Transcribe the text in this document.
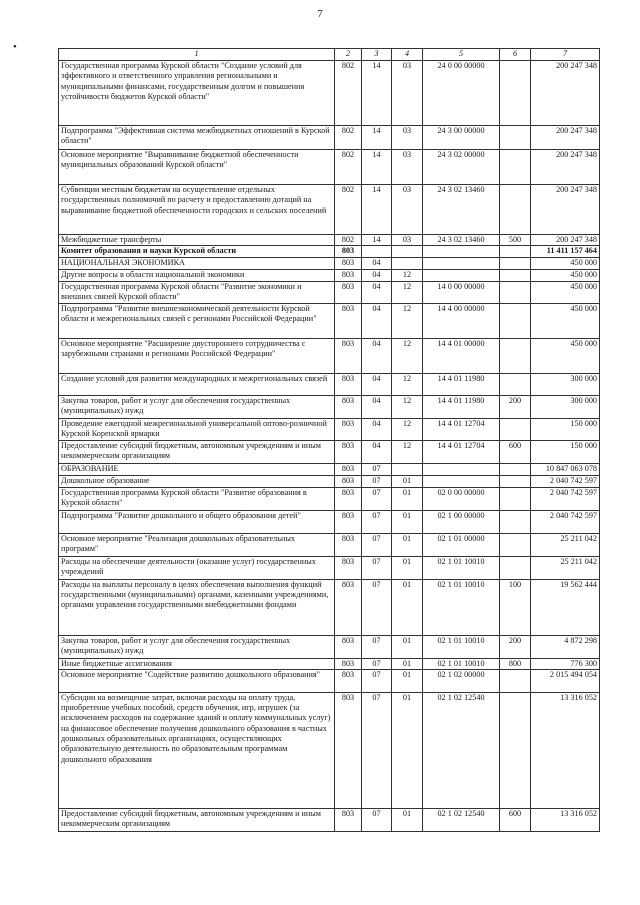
7
•
1	2	3	4	5	6	7
Государственная программа Курской области "Создание условий для эффективного и ответственного управления региональными и муниципальными финансами, государственным долгом и повышения устойчивости бюджетов Курской области"	802	14	03	24 0 00 00000		200 247 348
Подпрограмма "Эффективная система межбюджетных отношений в Курской области"	802	14	03	24 3 00 00000		200 247 348
Основное мероприятие "Выравнивание бюджетной обеспеченности муниципальных образований Курской области"	802	14	03	24 3 02 00000		200 247 348
Субвенции местным бюджетам на осуществление отдельных государственных полномочий по расчету и предоставлению дотаций на выравнивание бюджетной обеспеченности городских и сельских поселений	802	14	03	24 3 02 13460		200 247 348
Межбюджетные трансферты	802	14	03	24 3 02 13460	500	200 247 348
Комитет образования и науки Курской области	803					11 411 157 464
НАЦИОНАЛЬНАЯ ЭКОНОМИКА	803	04				450 000
Другие вопросы в области национальной экономики	803	04	12			450 000
Государственная программа Курской области "Развитие экономики и внешних связей Курской области"	803	04	12	14 0 00 00000		450 000
Подпрограмма "Развитие внешнеэкономической деятельности Курской области и межрегиональных связей с регионами Российской Федерации"	803	04	12	14 4 00 00000		450 000
Основное мероприятие "Расширение двустороннего сотрудничества с зарубежными странами и регионами Российской Федерации"	803	04	12	14 4 01 00000		450 000
Создание условий для развития международных и межрегиональных связей	803	04	12	14 4 01 11980		300 000
Закупка товаров, работ и услуг для обеспечения государственных (муниципальных) нужд	803	04	12	14 4 01 11980	200	300 000
Проведение ежегодной межрегиональной универсальной оптово-розничной Курской Коренской ярмарки	803	04	12	14 4 01 12704		150 000
Предоставление субсидий бюджетным, автономным учреждениям и иным некоммерческим организациям	803	04	12	14 4 01 12704	600	150 000
ОБРАЗОВАНИЕ	803	07				10 847 063 078
Дошкольное образование	803	07	01			2 040 742 597
Государственная программа Курской области "Развитие образования в Курской области"	803	07	01	02 0 00 00000		2 040 742 597
Подпрограмма "Развитие дошкольного и общего образования детей"	803	07	01	02 1 00 00000		2 040 742 597
Основное мероприятие "Реализация дошкольных образовательных программ"	803	07	01	02 1 01 00000		25 211 042
Расходы на обеспечение деятельности (оказание услуг) государственных учреждений	803	07	01	02 1 01 10010		25 211 042
Расходы на выплаты персоналу в целях обеспечения выполнения функций государственными (муниципальными) органами, казенными учреждениями, органами управления государственными внебюджетными фондами	803	07	01	02 1 01 10010	100	19 562 444
Закупка товаров, работ и услуг для обеспечения государственных (муниципальных) нужд	803	07	01	02 1 01 10010	200	4 872 298
Иные бюджетные ассигнования	803	07	01	02 1 01 10010	800	776 300
Основное мероприятие "Содействие развитию дошкольного образования"	803	07	01	02 1 02 00000		2 015 494 054
Субсидии на возмещение затрат, включая расходы на оплату труда, приобретение учебных пособий, средств обучения, игр, игрушек (за исключением расходов на содержание зданий и оплату коммунальных услуг) на финансовое обеспечение получения дошкольного образования в частных дошкольных образовательных организациях, осуществляющих образовательную деятельность по образовательным программам дошкольного образования	803	07	01	02 1 02 12540		13 316 052
Предоставление субсидий бюджетным, автономным учреждениям и иным некоммерческим организациям	803	07	01	02 1 02 12540	600	13 316 052
